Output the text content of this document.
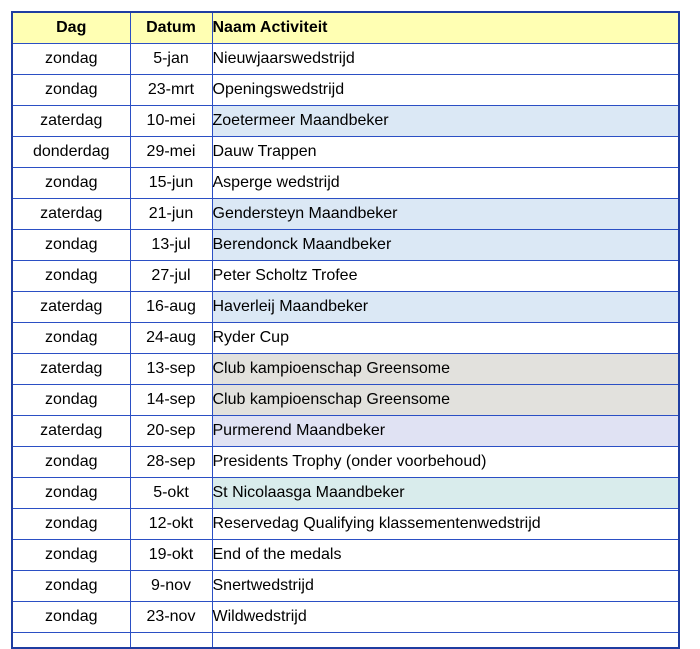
Dag	Datum	Naam Activiteit
zondag	5-jan	Nieuwjaarswedstrijd
zondag	23-mrt	Openingswedstrijd
zaterdag	10-mei	Zoetermeer Maandbeker
donderdag	29-mei	Dauw Trappen
zondag	15-jun	Asperge wedstrijd
zaterdag	21-jun	Gendersteyn Maandbeker
zondag	13-jul	Berendonck Maandbeker
zondag	27-jul	Peter Scholtz Trofee
zaterdag	16-aug	Haverleij Maandbeker
zondag	24-aug	Ryder Cup
zaterdag	13-sep	Club kampioenschap Greensome
zondag	14-sep	Club kampioenschap Greensome
zaterdag	20-sep	Purmerend Maandbeker
zondag	28-sep	Presidents Trophy (onder voorbehoud)
zondag	5-okt	St Nicolaasga Maandbeker
zondag	12-okt	Reservedag Qualifying klassementenwedstrijd
zondag	19-okt	End of the medals
zondag	9-nov	Snertwedstrijd
zondag	23-nov	Wildwedstrijd
